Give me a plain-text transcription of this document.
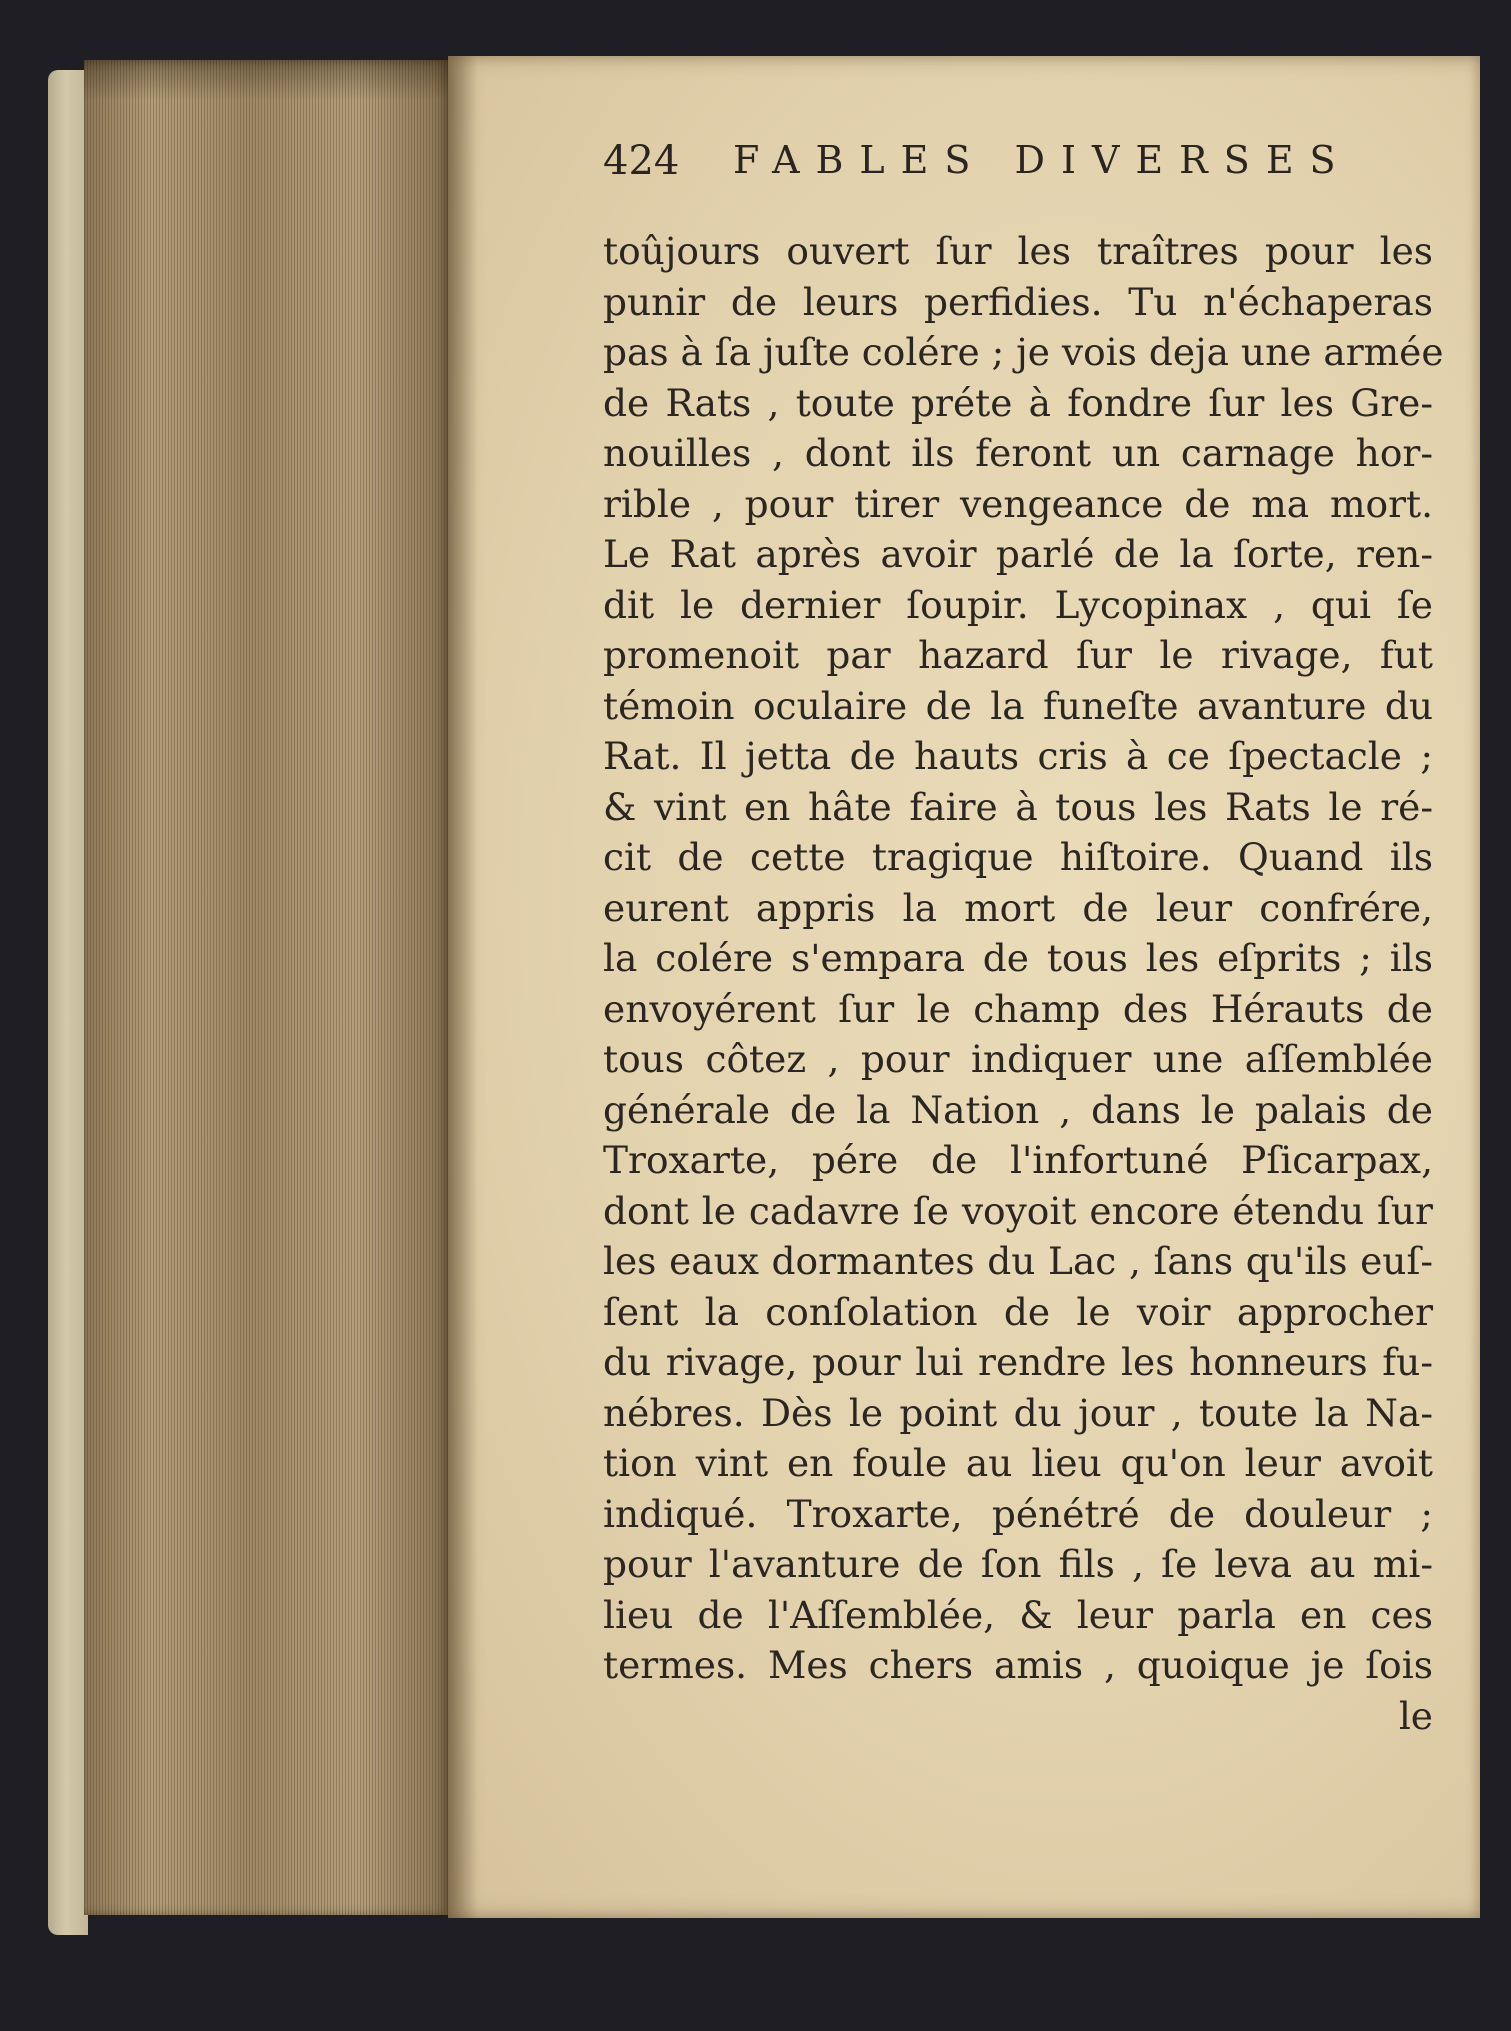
424 FABLES DIVERSES
toûjours ouvert ſur les traîtres pour les
punir de leurs perfidies. Tu n'échaperas
pas à ſa juſte colére ; je vois deja une armée
de Rats , toute préte à fondre ſur les Gre-
nouilles , dont ils feront un carnage hor-
rible , pour tirer vengeance de ma mort.
Le Rat après avoir parlé de la ſorte, ren-
dit le dernier ſoupir. Lycopinax , qui ſe
promenoit par hazard ſur le rivage, fut
témoin oculaire de la funeſte avanture du
Rat. Il jetta de hauts cris à ce ſpectacle ;
& vint en hâte faire à tous les Rats le ré-
cit de cette tragique hiſtoire. Quand ils
eurent appris la mort de leur confrére,
la colére s'empara de tous les eſprits ; ils
envoyérent ſur le champ des Hérauts de
tous côtez , pour indiquer une aſſemblée
générale de la Nation , dans le palais de
Troxarte, pére de l'infortuné Pſicarpax,
dont le cadavre ſe voyoit encore étendu ſur
les eaux dormantes du Lac , ſans qu'ils euſ-
ſent la conſolation de le voir approcher
du rivage, pour lui rendre les honneurs fu-
nébres. Dès le point du jour , toute la Na-
tion vint en foule au lieu qu'on leur avoit
indiqué. Troxarte, pénétré de douleur ;
pour l'avanture de ſon fils , ſe leva au mi-
lieu de l'Aſſemblée, & leur parla en ces
termes. Mes chers amis , quoique je ſois
le
